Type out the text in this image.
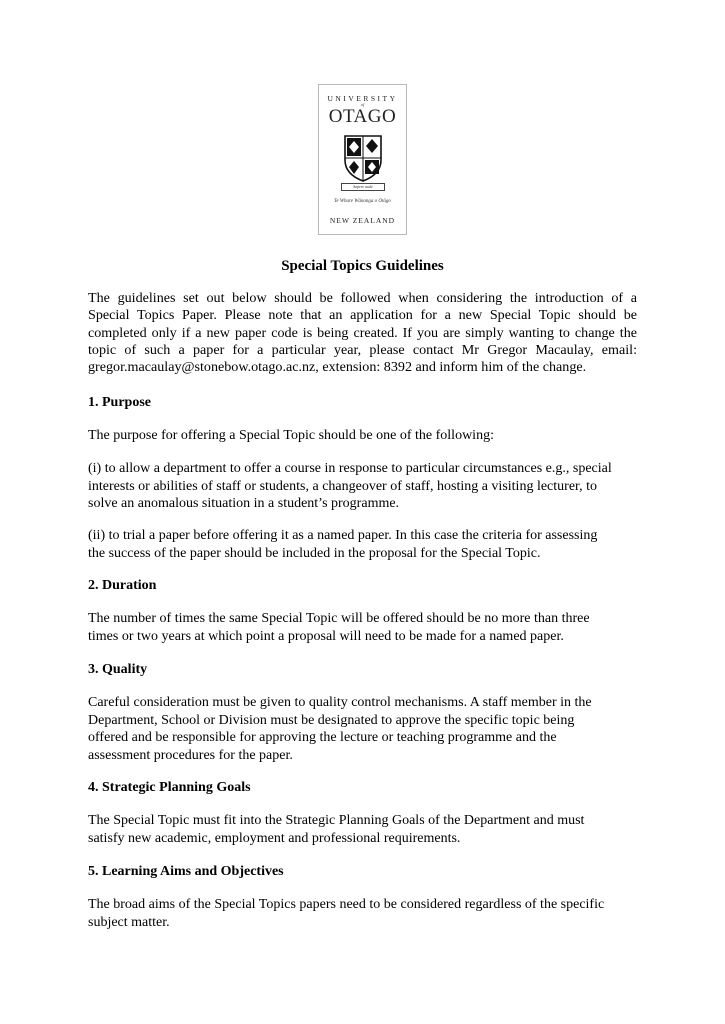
UNIVERSITY
of
OTAGO
Sapere aude
Te Whare Wānanga o Otāgo
NEW ZEALAND
Special Topics Guidelines

The guidelines set out below should be followed when considering the introduction of a
Special Topics Paper. Please note that an application for a new Special Topic should be
completed only if a new paper code is being created. If you are simply wanting to change the
topic of such a paper for a particular year, please contact Mr Gregor Macaulay, email:
gregor.macaulay@stonebow.otago.ac.nz, extension: 8392 and inform him of the change.

1. Purpose

The purpose for offering a Special Topic should be one of the following:

(i) to allow a department to offer a course in response to particular circumstances e.g., special
interests or abilities of staff or students, a changeover of staff, hosting a visiting lecturer, to
solve an anomalous situation in a student’s programme.

(ii) to trial a paper before offering it as a named paper. In this case the criteria for assessing
the success of the paper should be included in the proposal for the Special Topic.

2. Duration

The number of times the same Special Topic will be offered should be no more than three
times or two years at which point a proposal will need to be made for a named paper.

3. Quality

Careful consideration must be given to quality control mechanisms. A staff member in the
Department, School or Division must be designated to approve the specific topic being
offered and be responsible for approving the lecture or teaching programme and the
assessment procedures for the paper.

4. Strategic Planning Goals

The Special Topic must fit into the Strategic Planning Goals of the Department and must
satisfy new academic, employment and professional requirements.

5. Learning Aims and Objectives

The broad aims of the Special Topics papers need to be considered regardless of the specific
subject matter.
